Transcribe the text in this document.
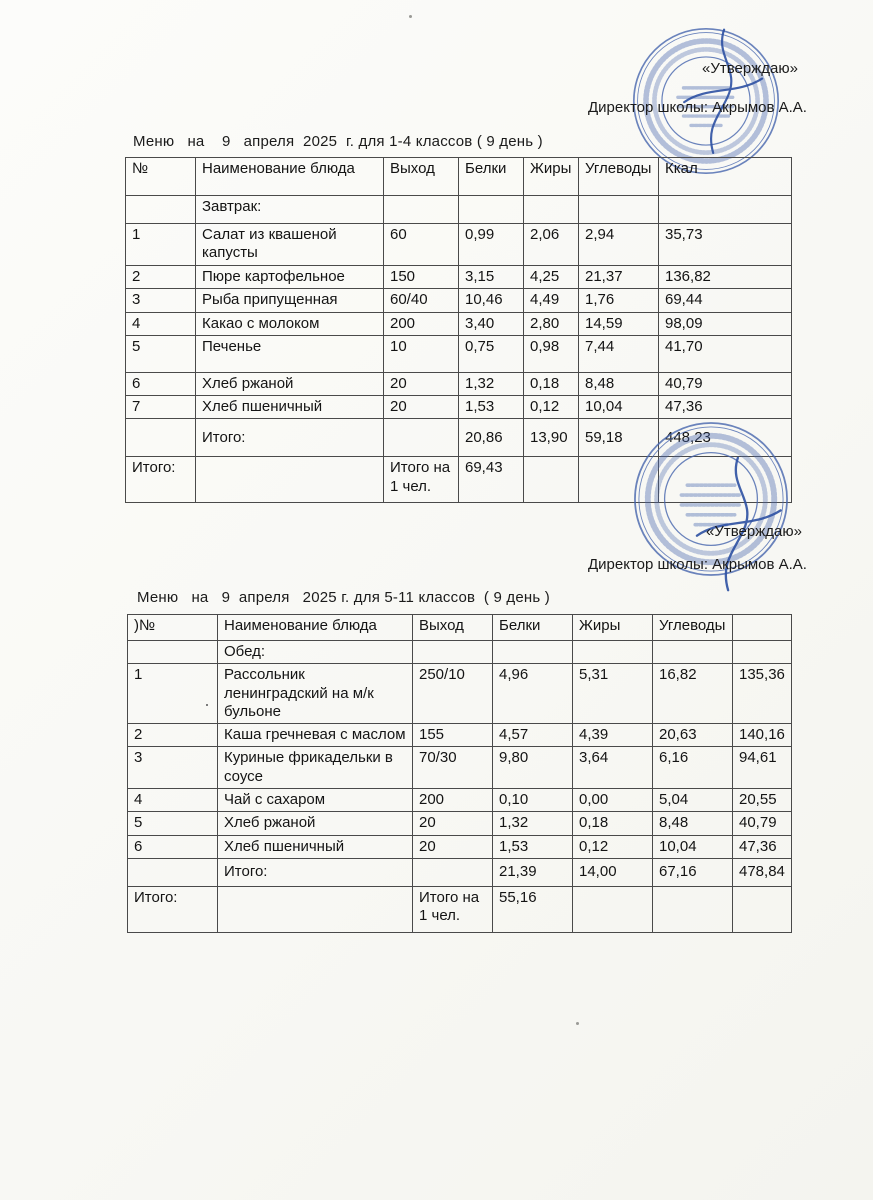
«Утверждаю»
Директор школы: Акрымов А.А.
Меню   на    9   апреля  2025  г. для 1-4 классов ( 9 день )
№	Наименование блюда	Выход	Белки	Жиры	Углеводы	Ккал
	Завтрак:					
1	Салат из квашеной капусты	60	0,99	2,06	2,94	35,73
2	Пюре картофельное	150	3,15	4,25	21,37	136,82
3	Рыба припущенная	60/40	10,46	4,49	1,76	69,44
4	Какао с молоком	200	3,40	2,80	14,59	98,09
5	Печенье	10	0,75	0,98	7,44	41,70
6	Хлеб ржаной	20	1,32	0,18	8,48	40,79
7	Хлеб пшеничный	20	1,53	0,12	10,04	47,36
	Итого:		20,86	13,90	59,18	448,23
Итого:		Итого на 1 чел.	69,43			
«Утверждаю»
Директор школы: Акрымов А.А.
Меню   на   9  апреля   2025 г. для 5-11 классов  ( 9 день )
)№	Наименование блюда	Выход	Белки	Жиры	Углеводы	
	Обед:					
1	Рассольник ленинградский на м/к бульоне	250/10	4,96	5,31	16,82	135,36
2	Каша гречневая с маслом	155	4,57	4,39	20,63	140,16
3	Куриные фрикадельки в соусе	70/30	9,80	3,64	6,16	94,61
4	Чай с сахаром	200	0,10	0,00	5,04	20,55
5	Хлеб ржаной	20	1,32	0,18	8,48	40,79
6	Хлеб пшеничный	20	1,53	0,12	10,04	47,36
	Итого:		21,39	14,00	67,16	478,84
Итого:		Итого на 1 чел.	55,16			
